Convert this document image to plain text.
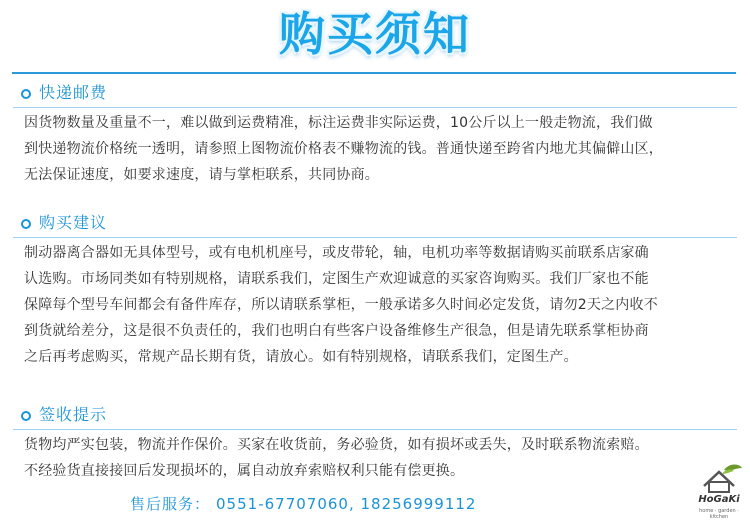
购买须知
快递邮费
因货物数量及重量不一，难以做到运费精准，标注运费非实际运费，10公斤以上一般走物流，我们做
到快递物流价格统一透明，请参照上图物流价格表不赚物流的钱。普通快递至跨省内地尤其偏僻山区，
无法保证速度，如要求速度，请与掌柜联系，共同协商。
购买建议
制动器离合器如无具体型号，或有电机机座号，或皮带轮，轴，电机功率等数据请购买前联系店家确
认选购。市场同类如有特别规格，请联系我们，定图生产欢迎诚意的买家咨询购买。我们厂家也不能
保障每个型号车间都会有备件库存，所以请联系掌柜，一般承诺多久时间必定发货，请勿2天之内收不
到货就给差分，这是很不负责任的，我们也明白有些客户设备维修生产很急，但是请先联系掌柜协商
之后再考虑购买，常规产品长期有货，请放心。如有特别规格，请联系我们，定图生产。
签收提示
货物均严实包装，物流并作保价。买家在收货前，务必验货，如有损坏或丢失，及时联系物流索赔。
不经验货直接接回后发现损坏的，属自动放弃索赔权利只能有偿更换。
售后服务： 0551-67707060, 18256999112	HoGaKi
home · garden · kitchen
